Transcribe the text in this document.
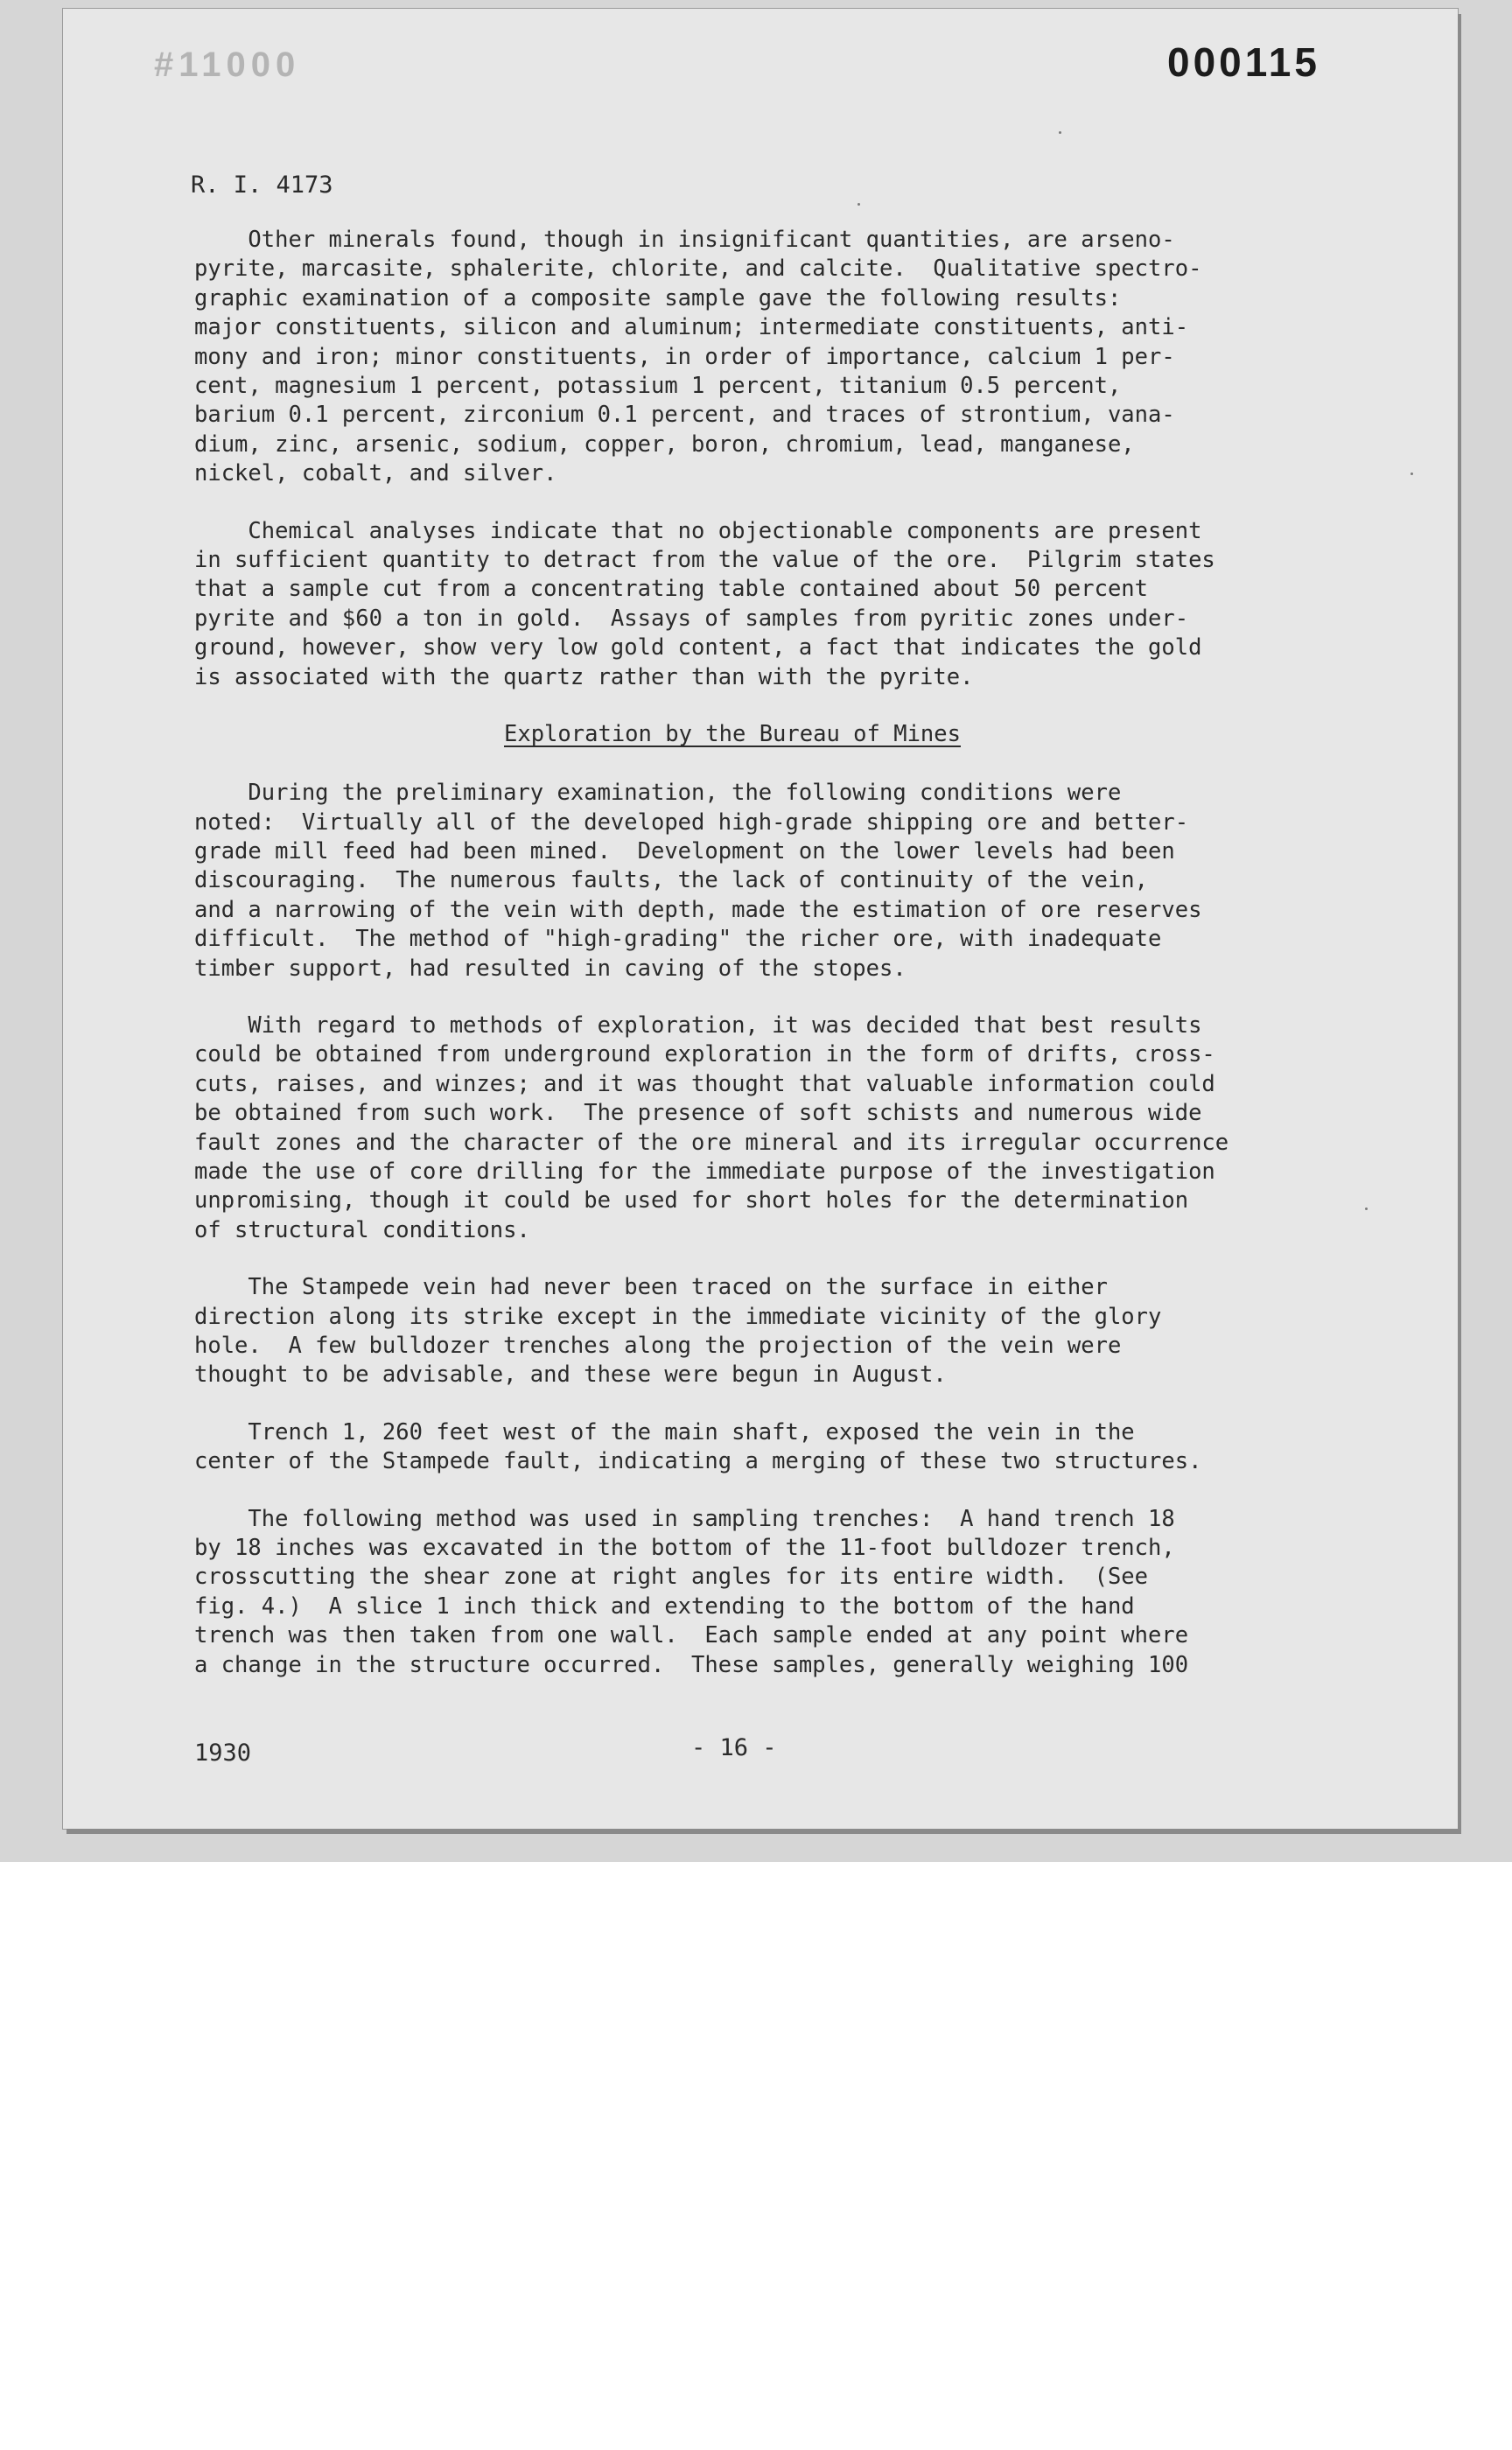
#11000	000115
R. I. 4173

Other minerals found, though in insignificant quantities, are arseno-
pyrite, marcasite, sphalerite, chlorite, and calcite.  Qualitative spectro-
graphic examination of a composite sample gave the following results:
major constituents, silicon and aluminum; intermediate constituents, anti-
mony and iron; minor constituents, in order of importance, calcium 1 per-
cent, magnesium 1 percent, potassium 1 percent, titanium 0.5 percent,
barium 0.1 percent, zirconium 0.1 percent, and traces of strontium, vana-
dium, zinc, arsenic, sodium, copper, boron, chromium, lead, manganese,
nickel, cobalt, and silver.

Chemical analyses indicate that no objectionable components are present
in sufficient quantity to detract from the value of the ore.  Pilgrim states
that a sample cut from a concentrating table contained about 50 percent
pyrite and $60 a ton in gold.  Assays of samples from pyritic zones under-
ground, however, show very low gold content, a fact that indicates the gold
is associated with the quartz rather than with the pyrite.

Exploration by the Bureau of Mines

During the preliminary examination, the following conditions were
noted:  Virtually all of the developed high-grade shipping ore and better-
grade mill feed had been mined.  Development on the lower levels had been
discouraging.  The numerous faults, the lack of continuity of the vein,
and a narrowing of the vein with depth, made the estimation of ore reserves
difficult.  The method of "high-grading" the richer ore, with inadequate
timber support, had resulted in caving of the stopes.

With regard to methods of exploration, it was decided that best results
could be obtained from underground exploration in the form of drifts, cross-
cuts, raises, and winzes; and it was thought that valuable information could
be obtained from such work.  The presence of soft schists and numerous wide
fault zones and the character of the ore mineral and its irregular occurrence
made the use of core drilling for the immediate purpose of the investigation
unpromising, though it could be used for short holes for the determination
of structural conditions.

The Stampede vein had never been traced on the surface in either
direction along its strike except in the immediate vicinity of the glory
hole.  A few bulldozer trenches along the projection of the vein were
thought to be advisable, and these were begun in August.

Trench 1, 260 feet west of the main shaft, exposed the vein in the
center of the Stampede fault, indicating a merging of these two structures.

The following method was used in sampling trenches:  A hand trench 18
by 18 inches was excavated in the bottom of the 11-foot bulldozer trench,
crosscutting the shear zone at right angles for its entire width.  (See
fig. 4.)  A slice 1 inch thick and extending to the bottom of the hand
trench was then taken from one wall.  Each sample ended at any point where
a change in the structure occurred.  These samples, generally weighing 100

1930	- 16 -
